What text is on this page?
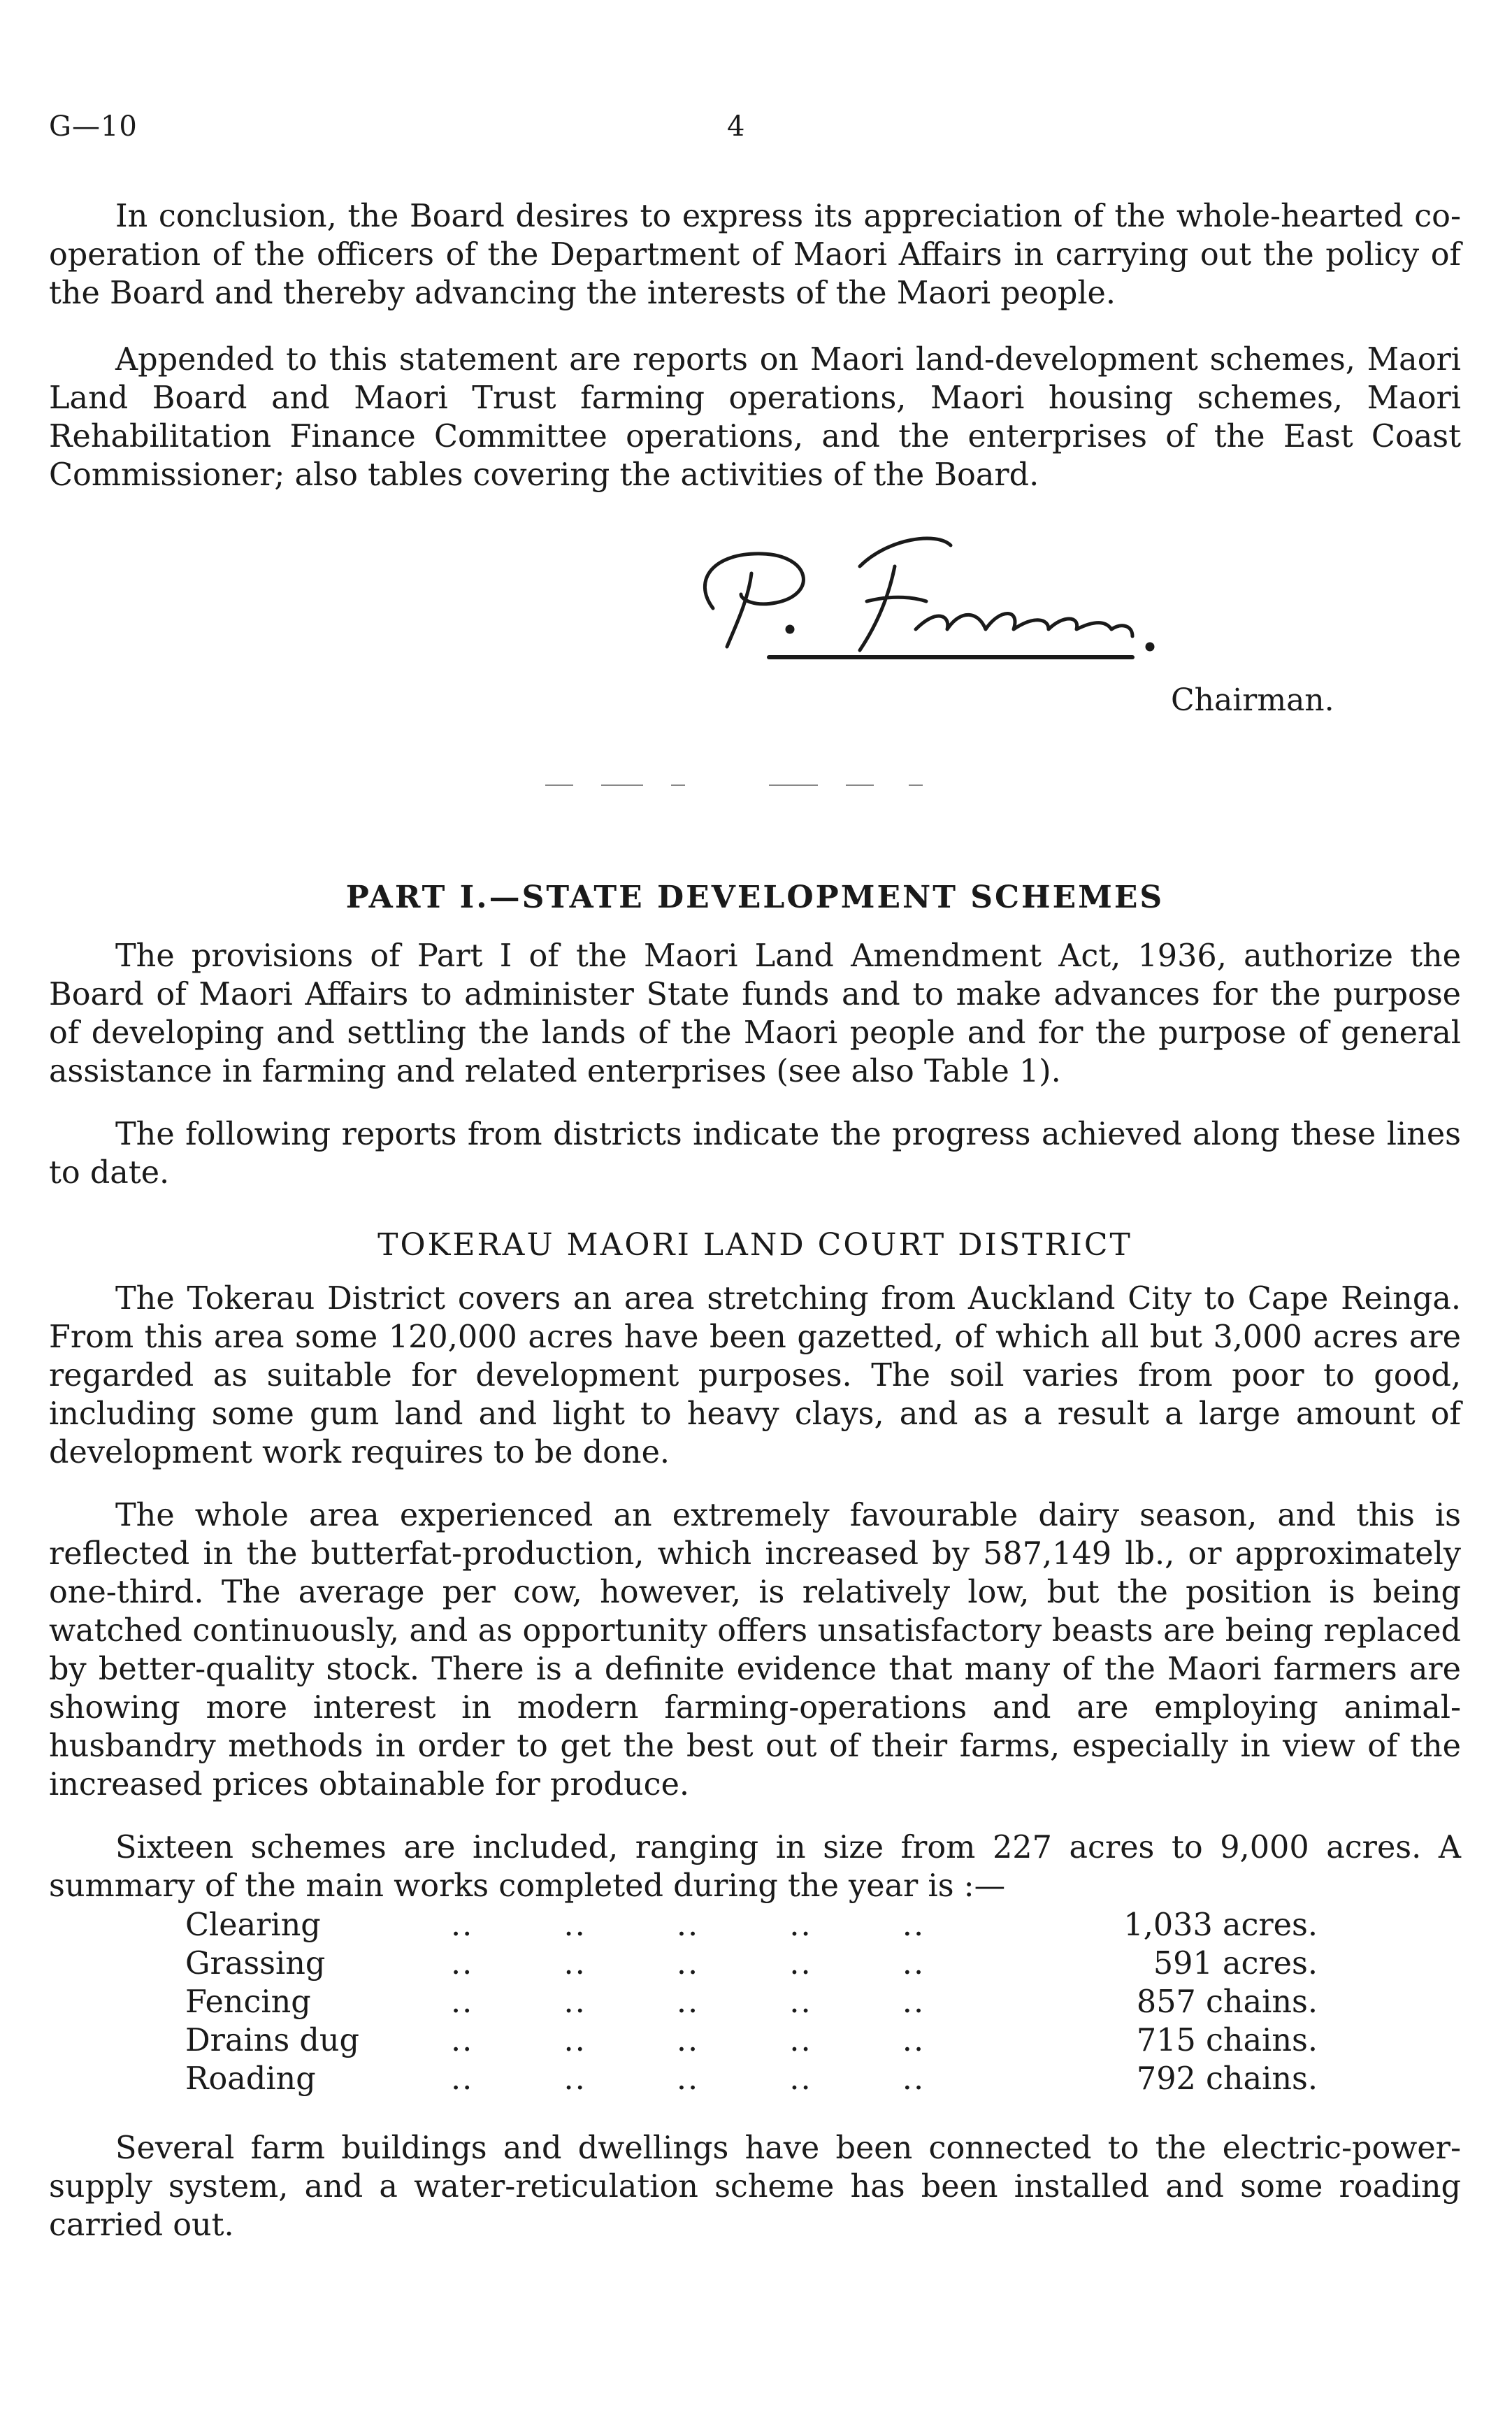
G—10	4

In conclusion, the Board desires to express its appreciation of the whole-hearted co-operation of the officers of the Department of Maori Affairs in carrying out the policy of the Board and thereby advancing the interests of the Maori people.

Appended to this statement are reports on Maori land-development schemes, Maori Land Board and Maori Trust farming operations, Maori housing schemes, Maori Rehabilitation Finance Committee operations, and the enterprises of the East Coast Commissioner; also tables covering the activities of the Board.

Chairman.
PART I.—STATE DEVELOPMENT SCHEMES

The provisions of Part I of the Maori Land Amendment Act, 1936, authorize the Board of Maori Affairs to administer State funds and to make advances for the purpose of developing and settling the lands of the Maori people and for the purpose of general assistance in farming and related enterprises (see also Table 1).

The following reports from districts indicate the progress achieved along these lines to date.

TOKERAU MAORI LAND COURT DISTRICT

The Tokerau District covers an area stretching from Auckland City to Cape Reinga. From this area some 120,000 acres have been gazetted, of which all but 3,000 acres are regarded as suitable for development purposes. The soil varies from poor to good, including some gum land and light to heavy clays, and as a result a large amount of development work requires to be done.

The whole area experienced an extremely favourable dairy season, and this is reflected in the butterfat-production, which increased by 587,149 lb., or approximately one-third. The average per cow, however, is relatively low, but the position is being watched continuously, and as opportunity offers unsatisfactory beasts are being replaced by better-quality stock. There is a definite evidence that many of the Maori farmers are showing more interest in modern farming-operations and are employing animal-husbandry methods in order to get the best out of their farms, especially in view of the increased prices obtainable for produce.

Sixteen schemes are included, ranging in size from 227 acres to 9,000 acres. A summary of the main works completed during the year is :—

Clearing	..        ..        ..        ..        ..	1,033 acres.
Grassing	..        ..        ..        ..        ..	591 acres.
Fencing	..        ..        ..        ..        ..	857 chains.
Drains dug	..        ..        ..        ..        ..	715 chains.
Roading	..        ..        ..        ..        ..	792 chains.

Several farm buildings and dwellings have been connected to the electric-power-supply system, and a water-reticulation scheme has been installed and some roading carried out.
